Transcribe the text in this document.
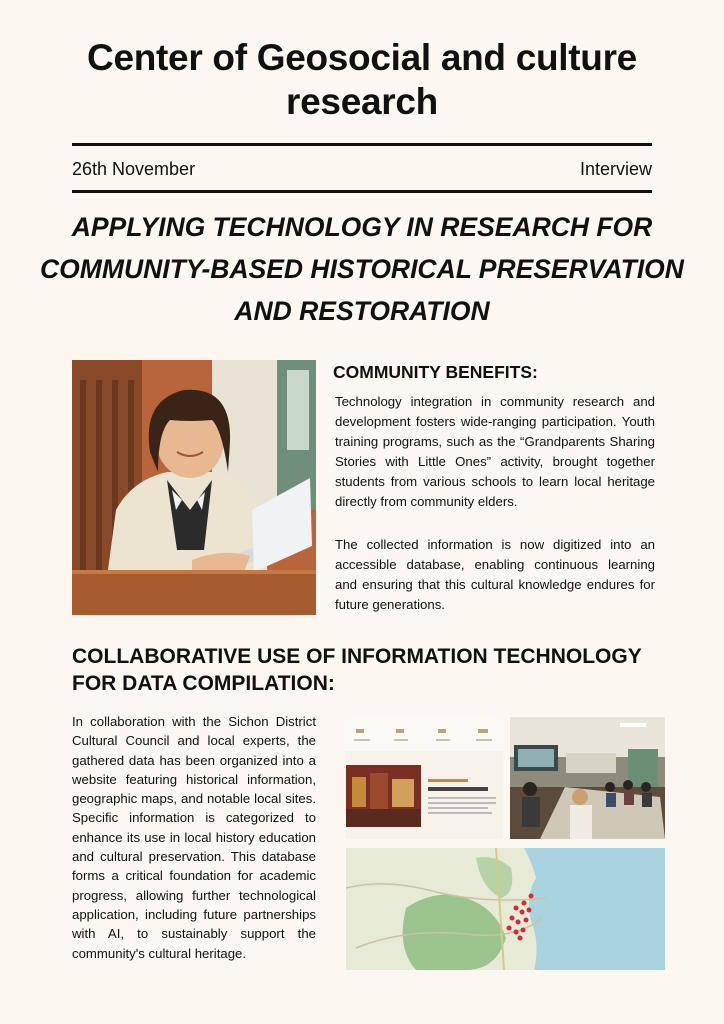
Center of Geosocial and culture research
26th November	Interview
APPLYING TECHNOLOGY IN RESEARCH FOR COMMUNITY-BASED HISTORICAL PRESERVATION AND RESTORATION
COMMUNITY BENEFITS:
Technology integration in community research and development fosters wide-ranging participation. Youth training programs, such as the “Grandparents Sharing Stories with Little Ones” activity, brought together students from various schools to learn local heritage directly from community elders.
The collected information is now digitized into an accessible database, enabling continuous learning and ensuring that this cultural knowledge endures for future generations.
COLLABORATIVE USE OF INFORMATION TECHNOLOGY FOR DATA COMPILATION:
In collaboration with the Sichon District Cultural Council and local experts, the gathered data has been organized into a website featuring historical information, geographic maps, and notable local sites. Specific information is categorized to enhance its use in local history education and cultural preservation. This database forms a critical foundation for academic progress, allowing further technological application, including future partnerships with AI, to sustainably support the community's cultural heritage.
